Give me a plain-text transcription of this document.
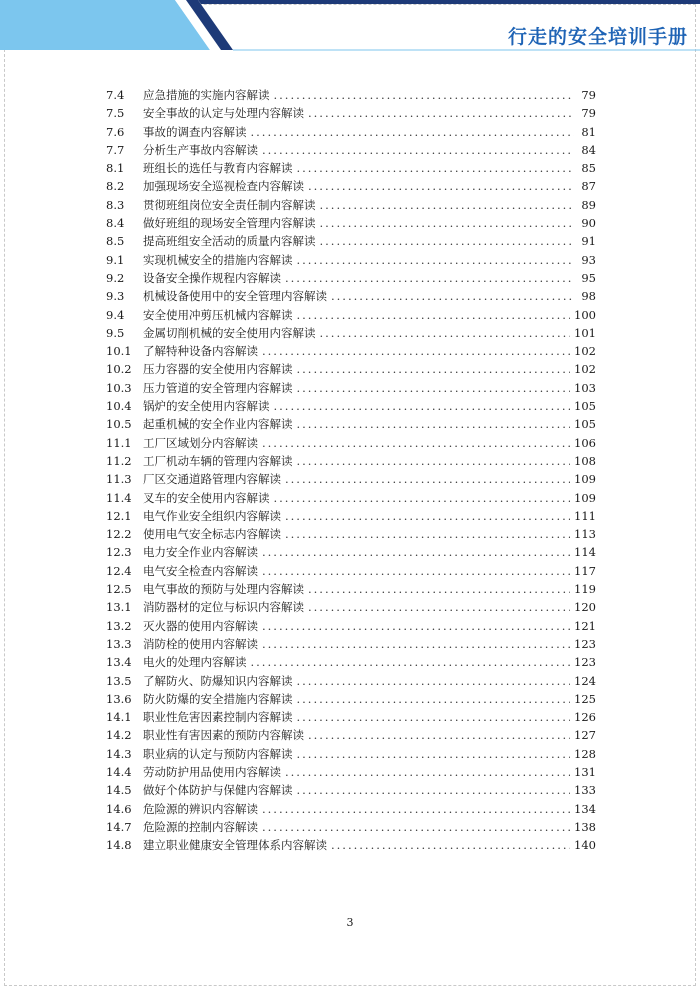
行走的安全培训手册
7.4	应急措施的实施内容解读 .....	79
7.5	安全事故的认定与处理内容解读 .....	79
7.6	事故的调查内容解读 .....	81
7.7	分析生产事故内容解读 .....	84
8.1	班组长的选任与教育内容解读 .....	85
8.2	加强现场安全巡视检查内容解读 .....	87
8.3	贯彻班组岗位安全责任制内容解读 .....	89
8.4	做好班组的现场安全管理内容解读 .....	90
8.5	提高班组安全活动的质量内容解读 .....	91
9.1	实现机械安全的措施内容解读 .....	93
9.2	设备安全操作规程内容解读 .....	95
9.3	机械设备使用中的安全管理内容解读 .....	98
9.4	安全使用冲剪压机械内容解读 .....	100
9.5	金属切削机械的安全使用内容解读 .....	101
10.1 了解特种设备内容解读 .....	102
10.2 压力容器的安全使用内容解读 .....	102
10.3 压力管道的安全管理内容解读 .....	103
10.4 锅炉的安全使用内容解读 .....	105
10.5 起重机械的安全作业内容解读 .....	105
11.1 工厂区域划分内容解读 .....	106
11.2 工厂机动车辆的管理内容解读 .....	108
11.3 厂区交通道路管理内容解读 .....	109
11.4 叉车的安全使用内容解读 .....	109
12.1 电气作业安全组织内容解读 .....	111
12.2 使用电气安全标志内容解读 .....	113
12.3 电力安全作业内容解读 .....	114
12.4 电气安全检查内容解读 .....	117
12.5 电气事故的预防与处理内容解读 .....	119
13.1 消防器材的定位与标识内容解读 .....	120
13.2 灭火器的使用内容解读 .....	121
13.3 消防栓的使用内容解读 .....	123
13.4 电火的处理内容解读 .....	123
13.5 了解防火、防爆知识内容解读 .....	124
13.6 防火防爆的安全措施内容解读 .....	125
14.1 职业性危害因素控制内容解读 .....	126
14.2 职业性有害因素的预防内容解读 .....	127
14.3 职业病的认定与预防内容解读 .....	128
14.4 劳动防护用品使用内容解读 .....	131
14.5 做好个体防护与保健内容解读 .....	133
14.6 危险源的辨识内容解读 .....	134
14.7 危险源的控制内容解读 .....	138
14.8 建立职业健康安全管理体系内容解读 .....	140
3
